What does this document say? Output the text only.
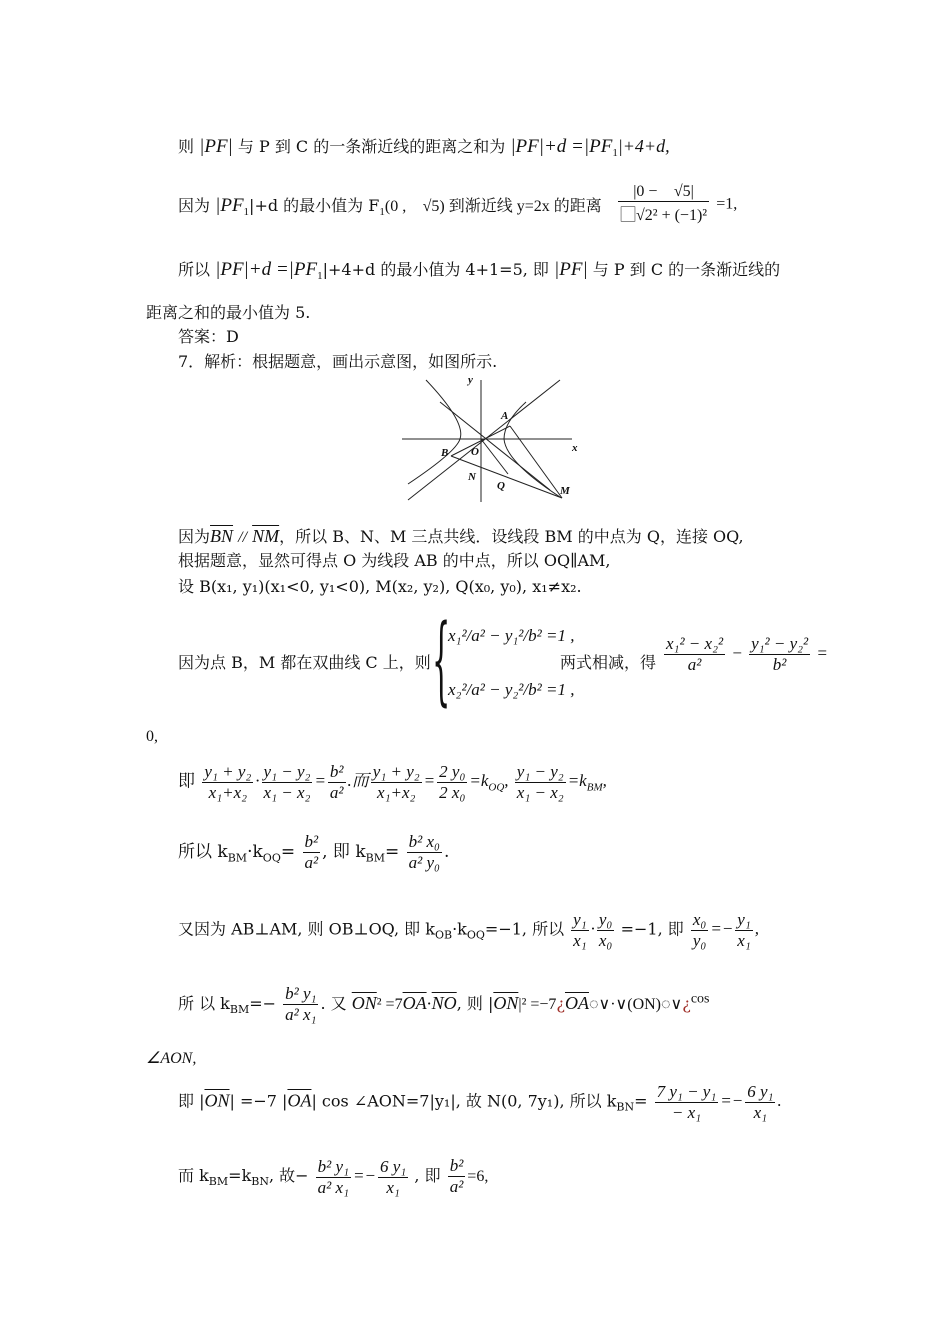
则 |PF| 与 P 到 C 的一条渐近线的距离之和为 $|PF|+d =|PF_1|+4+d$,
因为 $|PF_1|+d$ 的最小值为 $F_1(0$ , ⃞√5) 到渐近线 y=2x 的距离 $\frac{|0 - ⃞√5|}{\text{⃞√2² + (−1)²}} =1$,
所以 $|PF|+d =|PF_1|+4+d$ 的最小值为 4+1=5, 即 |PF| 与 P 到 C 的一条渐近线的
距离之和的最小值为 5.
答案：D
7．解析：根据题意，画出示意图，如图所示.
y
x
A
B O
N
Q	M
因为$\overline{BN} // \overline{NM}$，所以 B、N、M 三点共线．设线段 BM 的中点为 Q，连接 OQ,
根据题意，显然可得点 O 为线段 AB 的中点，所以 OQ∥AM,
设 B(x₁, y₁)(x₁<0, y₁<0), M(x₂, y₂), Q(x₀, y₀), x₁≠x₂.
因为点 B，M 都在双曲线 C 上，则 {
x₁²/a² − y₁²/b² =1 ,
x₂²/a² − y₂²/b² =1 ,
两式相减，得 $\frac{\text{x₁² − x₂²}}{\text{a²}} - \frac{\text{y₁² − y₂²}}{\text{b²}}$ =
0,
即 $\frac{\text{y₁ + y₂}}{\text{x₁+x₂}} \cdot \frac{\text{y₁ − y₂}}{\text{x₁ − x₂}} = \frac{\text{b²}}{\text{a²}}$ .而 $\frac{\text{y₁ + y₂}}{\text{x₁+x₂}} = \frac{\text{2 y₀}}{\text{2 x₀}} =k_{OQ}$, $\frac{\text{y₁ − y₂}}{\text{x₁ − x₂}} =k_{BM}$,
所以 $k_{BM}\cdot k_{OQ}= \frac{\text{b²}}{\text{a²}}$ , 即 $k_{BM}= \frac{\text{b² x₀}}{\text{a² y₀}}$ .
又因为 AB⊥AM, 则 OB⊥OQ, 即 $k_{OB}\cdot k_{OQ}=-1$, 所以 $\frac{\text{y₁}}{\text{x₁}} \cdot \frac{\text{y₀}}{\text{x₀}} =-1$, 即 $\frac{\text{x₀}}{\text{y₀}} =- \frac{\text{y₁}}{\text{x₁}}$ ,
所 以 $k_{BM}=- \frac{\text{b² y₁}}{\text{a² x₁}}$ . 又 $\overline{ON}^2 =7\overline{OA}\cdot\overline{NO}$, 则 $|\overline{ON}|^2$ $=-7¿\overline{OA}◌\vee\cdot\vee(ON)◌\vee¿^{cos}$
∠AON,
即 $|\overline{ON}| =-7$ $|\overline{OA}|$ cos ∠AON=7|y₁|, 故 N(0, 7y₁), 所以 $k_{BN}= \frac{\text{7 y₁ − y₁}}{\text{− x₁}} =- \frac{\text{6 y₁}}{\text{x₁}}$ .
而 $k_{BM}=k_{BN}$, 故− $\frac{\text{b² y₁}}{\text{a² x₁}} =- \frac{\text{6 y₁}}{\text{x₁}}$ , 即 $\frac{\text{b²}}{\text{a²}} =6$,
